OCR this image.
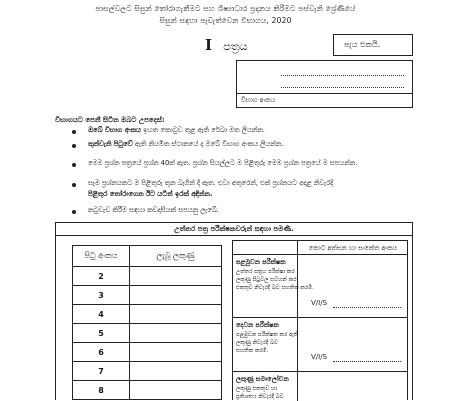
පාසල්වලට සිසුන් තෝරාගැනීමට සහ ශිෂ්‍යාධාර ප්‍රදානය කිරීමට පස්වැනි ශ්‍රේණියේ
සිසුන් සඳහා පැවැත්වෙන විභාගය, 2020
I පත්‍රය	පැය එකයි.
විභාග අංකය
විභාගයට පෙනී සිටින ඔබට උපදෙස්:
ඔබේ විභාග අංකය ඉහත කොටුව තුළ ඇති රේඛා මත ලියන්න.
තුන්වැනි පිටුවේ ඇති නියමිත ස්ථානයේ ද ඔබේ විභාග අංකය ලියන්න.
මෙම ප්‍රශ්න පත්‍රයේ ප්‍රශ්න 40ක් ඇත. ප්‍රශ්න සියල්ලට ම පිළිතුරු මෙම ප්‍රශ්න පත්‍රයේ ම සපයන්න.
සෑම ප්‍රශ්නයකට ම පිළිතුරු තුන බැගින් දී ඇත. එවා අතුරෙන්, එක් ප්‍රශ්නයට අදාළ නිවැරදි
පිළිතුර තෝරාගෙන ඊට යටින් ඉරක් අඳින්න.
කටුවැඩ කිරීම සඳහා කඩදාසියක් සපයනු ලැබේ.
උත්තර පත්‍ර පරීක්ෂකවරුන් සඳහා පමණි.
පිටු අංකය	ලැබූ ලකුණු
2	
3	
4	
5	
6	
7	
8	
කොට අත්සන හා සංකේත අංකය
පළමුවන පරීක්ෂක
උත්තර පත්‍රය පරීක්ෂා කර
ලකුණු පිටුවල සටහන් කර
එකතුව නිවැරදි බව සහතික කරමි.
V/I/S
දෙවන පරීක්ෂක
පළමුවන පරීක්ෂක කර ඇති
ලකුණු නිවැරදි බව
සහතික කරමි.
V/I/S
ලකුණු සමාලෝචන
ලකුණු එකතුව හා
ප්‍රතිශතය නිවැරදි බව
